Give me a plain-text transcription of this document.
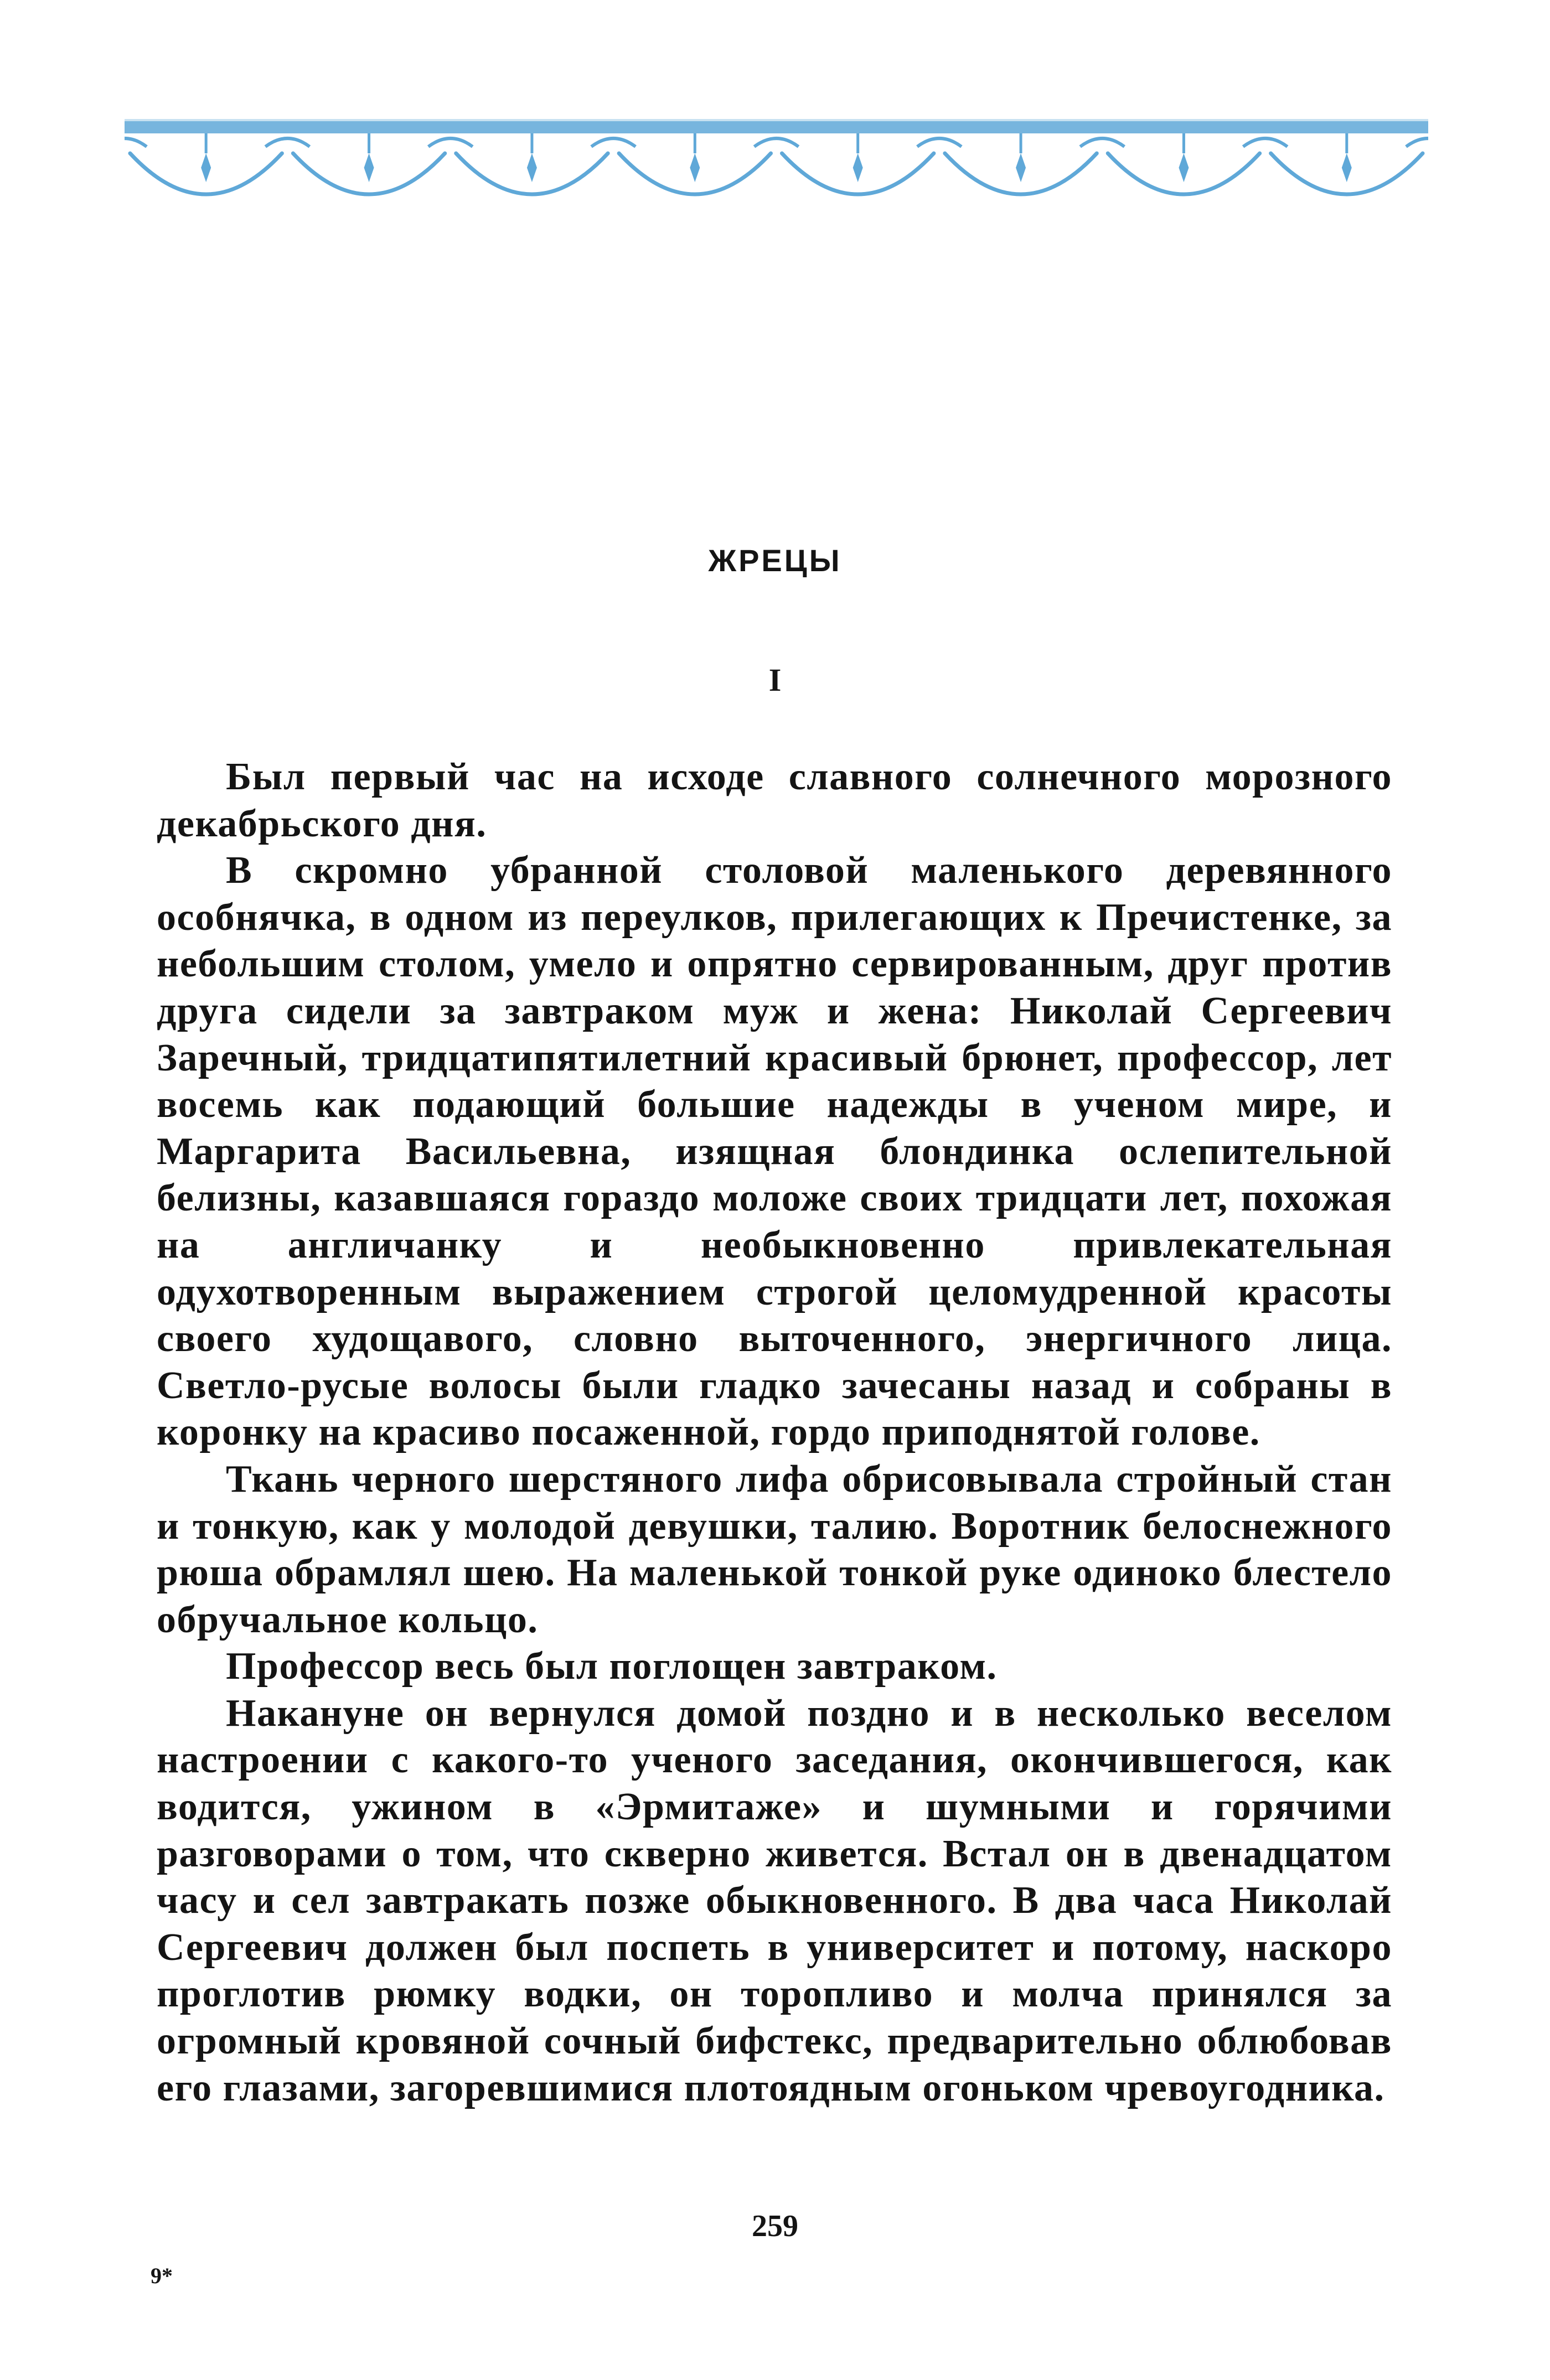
ЖРЕЦЫ
I

Был первый час на исходе славного солнечного морозного декабрьского дня.

В скромно убранной столовой маленького деревянного особнячка, в одном из переулков, прилегающих к Пречистенке, за небольшим столом, умело и опрятно сервированным, друг против друга сидели за завтраком муж и жена: Николай Сергеевич Заречный, тридцатипятилетний красивый брюнет, профессор, лет восемь как подающий большие надежды в ученом мире, и Маргарита Васильевна, изящная блондинка ослепительной белизны, казавшаяся гораздо моложе своих тридцати лет, похожая на англичанку и необыкновенно привлекательная одухотворенным выражением строгой целомудренной красоты своего худощавого, словно выточенного, энергичного лица. Светло-русые волосы были гладко зачесаны назад и собраны в коронку на красиво посаженной, гордо приподнятой голове.

Ткань черного шерстяного лифа обрисовывала стройный стан и тонкую, как у молодой девушки, талию. Воротник белоснежного рюша обрамлял шею. На маленькой тонкой руке одиноко блестело обручальное кольцо.

Профессор весь был поглощен завтраком.

Накануне он вернулся домой поздно и в несколько веселом настроении с какого-то ученого заседания, окончившегося, как водится, ужином в «Эрмитаже» и шумными и горячими разговорами о том, что скверно живется. Встал он в двенадцатом часу и сел завтракать позже обыкновенного. В два часа Николай Сергеевич должен был поспеть в университет и потому, наскоро проглотив рюмку водки, он торопливо и молча принялся за огромный кровяной сочный бифстекс, предварительно облюбовав его глазами, загоревшимися плотоядным огоньком чревоугодника.

259
9*
